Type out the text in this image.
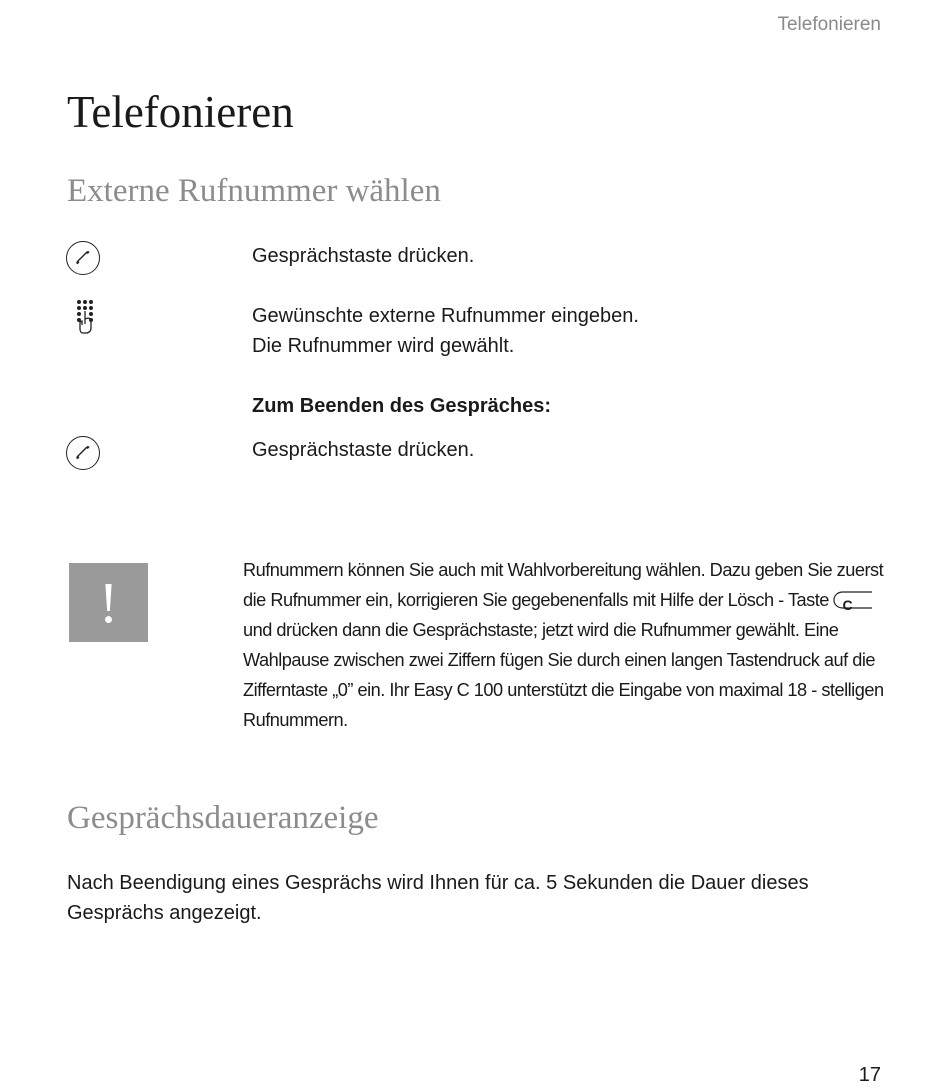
Telefonieren
Telefonieren
Externe Rufnummer wählen
Gesprächstaste drücken.
Gewünschte externe Rufnummer eingeben.
Die Rufnummer wird gewählt.
Zum Beenden des Gespräches:
Gesprächstaste drücken.
!	Rufnummern können Sie auch mit Wahlvorbereitung wählen. Dazu geben Sie zuerst die Rufnummer ein, korrigieren Sie gegebenenfalls mit Hilfe der Lösch - Taste C
und drücken dann die Gesprächstaste; jetzt wird die Rufnummer gewählt. Eine Wahlpause zwischen zwei Ziffern fügen Sie durch einen langen Tastendruck auf die Zifferntaste „0” ein. Ihr Easy C 100 unterstützt die Eingabe von maximal 18 - stelligen Rufnummern.
Gesprächsdaueranzeige
Nach Beendigung eines Gesprächs wird Ihnen für ca. 5 Sekunden die Dauer dieses Gesprächs angezeigt.
17
